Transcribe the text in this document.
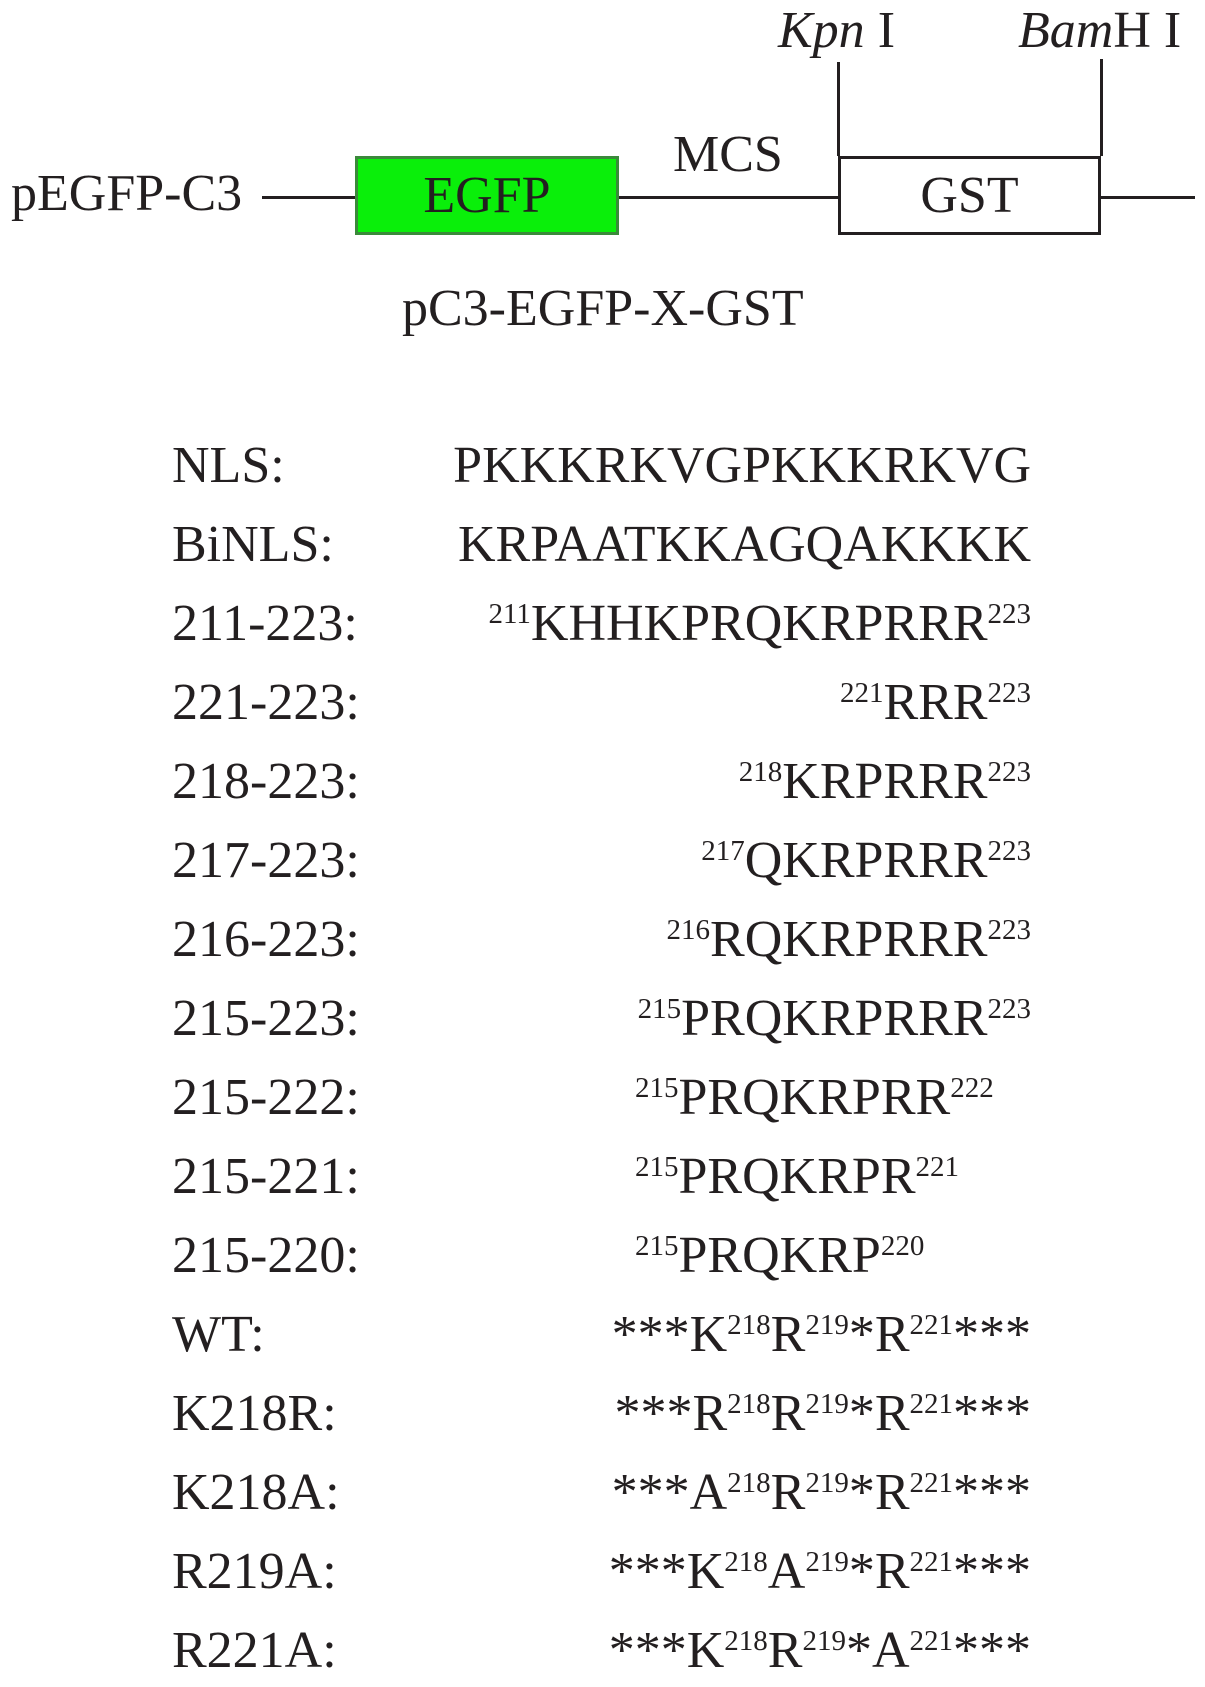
Kpn I BamH I
pEGFP-C3	EGFP
MCS
GST
pC3-EGFP-X-GST
NLS:	PKKKRKVGPKKKRKVG
BiNLS: KRPAATKKAGQAKKKK
211-223:	$^{211}$KHHKPRQKRPRRR$^{223}$
221-223:	$^{221}$RRR$^{223}$
218-223:	$^{218}$KRPRRR$^{223}$
217-223:	$^{217}$QKRPRRR$^{223}$
216-223:	$^{216}$RQKRPRRR$^{223}$
215-223:	$^{215}$PRQKRPRRR$^{223}$
215-222:	$^{215}$PRQKRPRR$^{222}$
215-221:	$^{215}$PRQKRPR$^{221}$
215-220:	$^{215}$PRQKRP$^{220}$
WT:	$***K^{218}R^{219}*R^{221}***$
K218R:	$***R^{218}R^{219}*R^{221}***$
K218A:	$***A^{218}R^{219}*R^{221}***$
R219A:	$***K^{218}A^{219}*R^{221}***$
R221A:	$***K^{218}R^{219}*A^{221}***$
